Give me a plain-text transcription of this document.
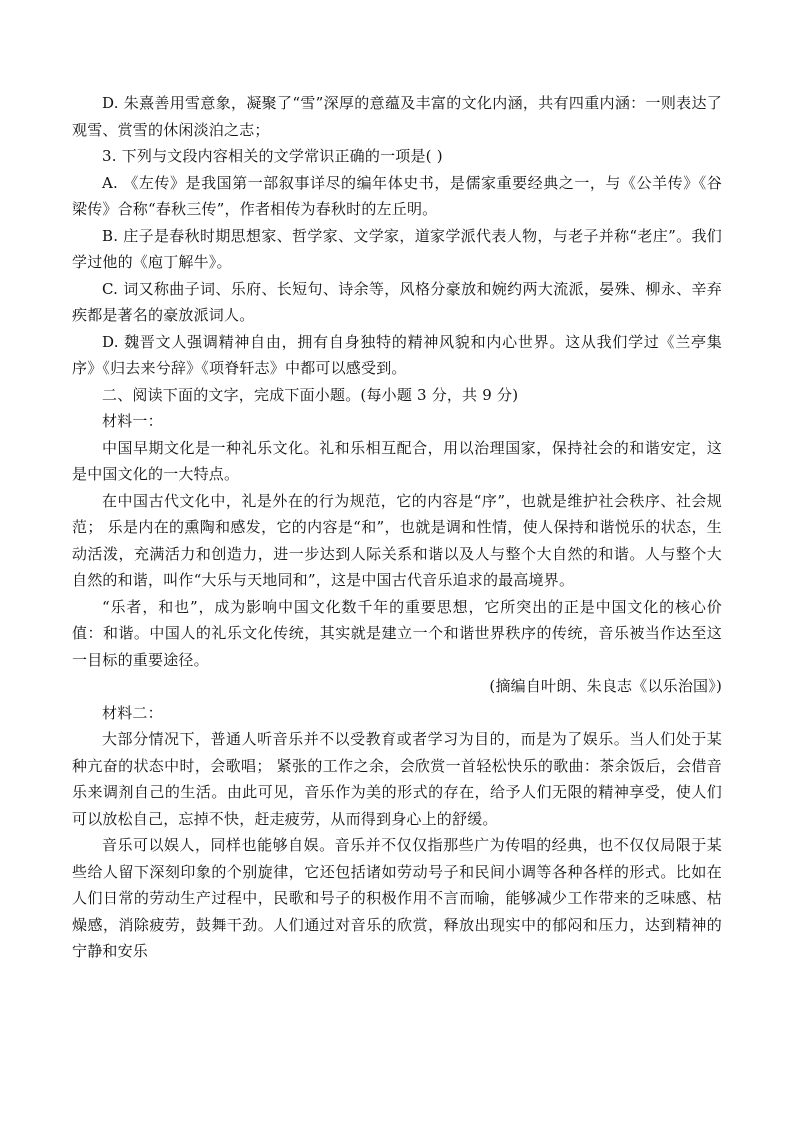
D. 朱熹善用雪意象，凝聚了“雪”深厚的意蕴及丰富的文化内涵，共有四重内涵：一则表达了观雪、赏雪的休闲淡泊之志；

3. 下列与文段内容相关的文学常识正确的一项是( )

A. 《左传》是我国第一部叙事详尽的编年体史书，是儒家重要经典之一，与《公羊传》《谷梁传》合称“春秋三传”，作者相传为春秋时的左丘明。

B. 庄子是春秋时期思想家、哲学家、文学家，道家学派代表人物，与老子并称“老庄”。我们学过他的《庖丁解牛》。

C. 词又称曲子词、乐府、长短句、诗余等，风格分豪放和婉约两大流派，晏殊、柳永、辛弃疾都是著名的豪放派词人。

D. 魏晋文人强调精神自由，拥有自身独特的精神风貌和内心世界。这从我们学过《兰亭集序》《归去来兮辞》《项脊轩志》中都可以感受到。

二、阅读下面的文字，完成下面小题。(每小题 3 分，共 9 分)

材料一：

中国早期文化是一种礼乐文化。礼和乐相互配合，用以治理国家，保持社会的和谐安定，这是中国文化的一大特点。

在中国古代文化中，礼是外在的行为规范，它的内容是“序”，也就是维护社会秩序、社会规范； 乐是内在的熏陶和感发，它的内容是“和”，也就是调和性情，使人保持和谐悦乐的状态，生动活泼，充满活力和创造力，进一步达到人际关系和谐以及人与整个大自然的和谐。人与整个大自然的和谐，叫作“大乐与天地同和”，这是中国古代音乐追求的最高境界。

“乐者，和也”，成为影响中国文化数千年的重要思想，它所突出的正是中国文化的核心价值：和谐。中国人的礼乐文化传统，其实就是建立一个和谐世界秩序的传统，音乐被当作达至这一目标的重要途径。

(摘编自叶朗、朱良志《以乐治国》)

材料二：

大部分情况下，普通人听音乐并不以受教育或者学习为目的，而是为了娱乐。当人们处于某种亢奋的状态中时，会歌唱； 紧张的工作之余，会欣赏一首轻松快乐的歌曲：茶余饭后，会借音乐来调剂自己的生活。由此可见，音乐作为美的形式的存在，给予人们无限的精神享受，使人们可以放松自己，忘掉不快，赶走疲劳，从而得到身心上的舒缓。

音乐可以娱人，同样也能够自娱。音乐并不仅仅指那些广为传唱的经典，也不仅仅局限于某些给人留下深刻印象的个别旋律，它还包括诸如劳动号子和民间小调等各种各样的形式。比如在人们日常的劳动生产过程中，民歌和号子的积极作用不言而喻，能够减少工作带来的乏味感、枯燥感，消除疲劳，鼓舞干劲。人们通过对音乐的欣赏，释放出现实中的郁闷和压力，达到精神的宁静和安乐
